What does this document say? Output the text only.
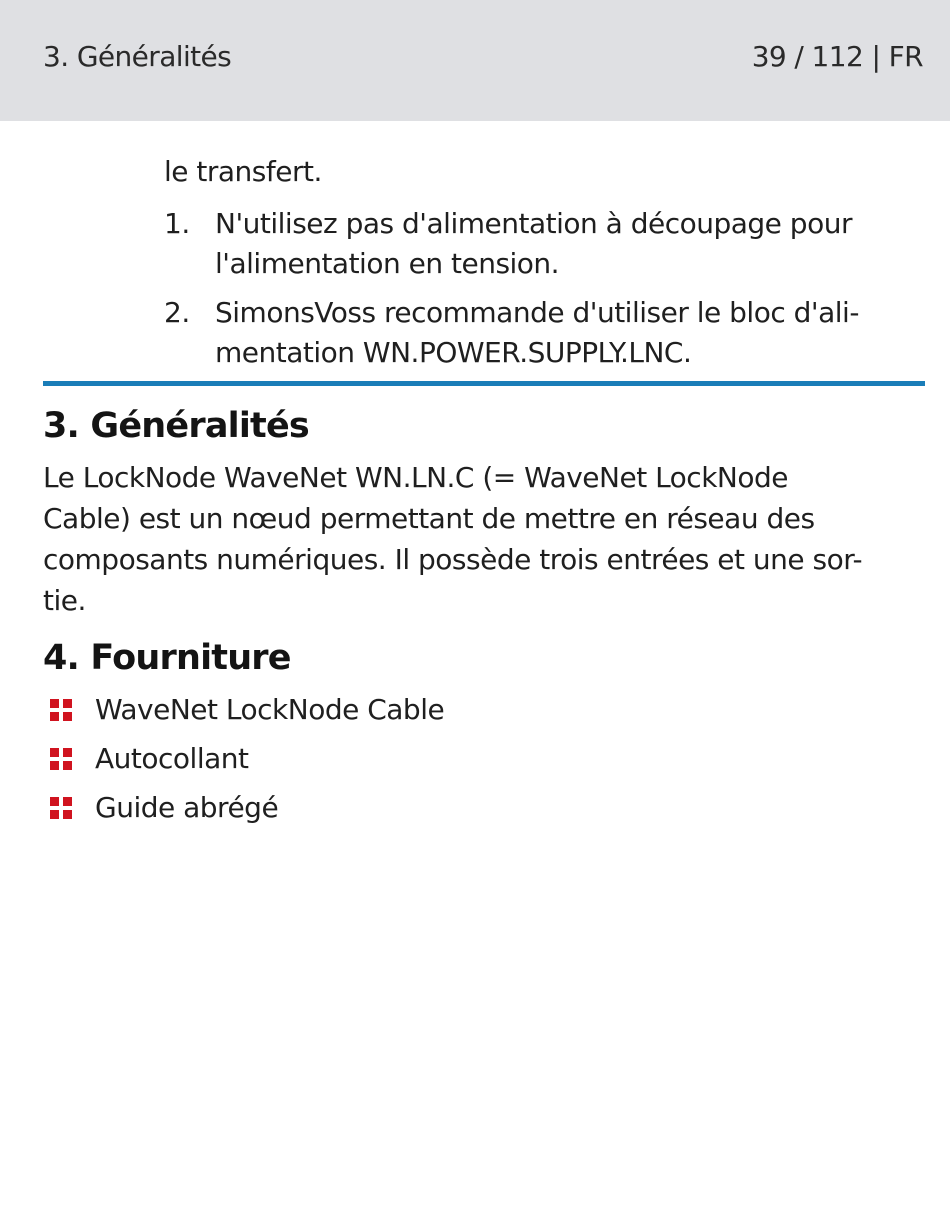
3. Généralités	39 / 112 | FR
le transfert.
1. N'utilisez pas d'alimentation à découpage pour
l'alimentation en tension.
2. SimonsVoss recommande d'utiliser le bloc d'ali-
mentation WN.POWER.SUPPLY.LNC.
3. Généralités

Le LockNode WaveNet WN.LN.C (= WaveNet LockNode
Cable) est un nœud permettant de mettre en réseau des
composants numériques. Il possède trois entrées et une sor-
tie.

4. Fourniture
WaveNet LockNode Cable
Autocollant
Guide abrégé
